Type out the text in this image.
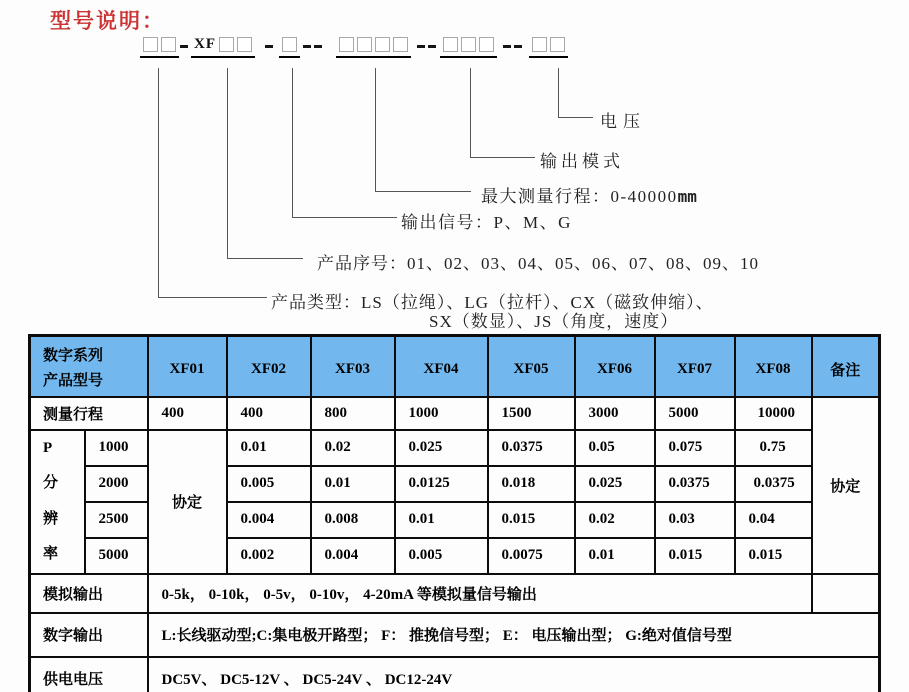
型号说明：
XF
电压
输出模式
最大测量行程：0-40000mm
输出信号：P、M、G
产品序号：01、02、03、04、05、06、07、08、09、10
产品类型：LS（拉绳）、LG（拉杆）、CX（磁致伸缩）、
SX（数显）、JS（角度，速度）
数字系列
产品型号		XF01	XF02	XF03	XF04	XF05	XF06	XF07	XF08	备注
测量行程		400	400	800	1000	1500	3000	5000	10000	协定

P
分
辨
率	1000	协定	0.01	0.02	0.025	0.0375	0.05	0.075	0.75	
	2000		0.005	0.01	0.0125	0.018	0.025	0.0375	0.0375	
	2500		0.004	0.008	0.01	0.015	0.02	0.03	0.04	
	5000		0.002	0.004	0.005	0.0075	0.01	0.015	0.015	
模拟输出		0-5k， 0-10k， 0-5v， 0-10v， 4-20mA 等模拟量信号输出								
数字输出		L:长线驱动型;C:集电极开路型； F： 推挽信号型； E： 电压输出型； G:绝对值信号型								
供电电压		DC5V、 DC5-12V 、 DC5-24V 、 DC12-24V								
